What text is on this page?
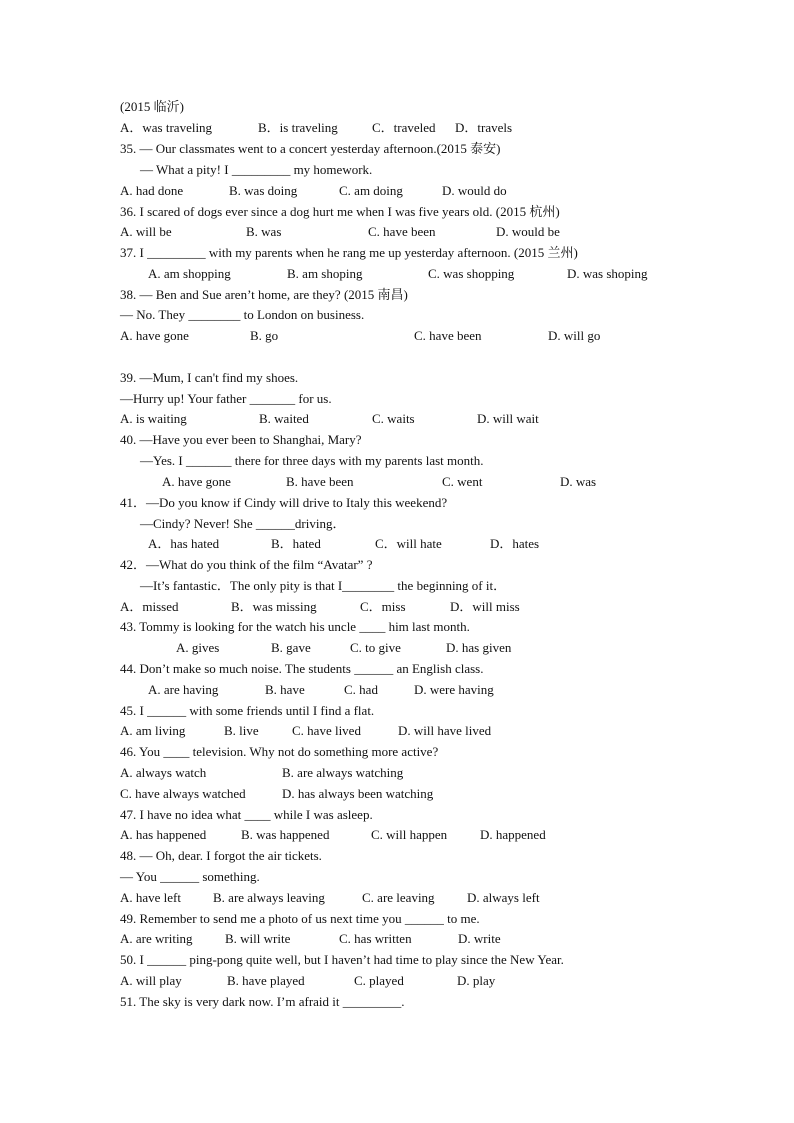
(2015 临沂)
A．was traveling	B．is traveling	C．traveled D．travels
35. — Our classmates went to a concert yesterday afternoon.(2015 泰安)
— What a pity! I _________ my homework.
A. had done	B. was doing	C. am doing	D. would do
36. I scared of dogs ever since a dog hurt me when I was five years old. (2015 杭州)
A. will be	B. was	C. have been	D. would be
37. I _________ with my parents when he rang me up yesterday afternoon. (2015 兰州)
A. am shopping	B. am shoping	C. was shopping	D. was shoping
38. — Ben and Sue aren’t home, are they? (2015 南昌)
— No. They ________ to London on business.
A. have gone	B. go	C. have been	D. will go
39. —Mum, I can't find my shoes.
—Hurry up! Your father _______ for us.
A. is waiting	B. waited	C. waits	D. will wait
40. —Have you ever been to Shanghai, Mary?
—Yes. I _______ there for three days with my parents last month.
A. have gone	B. have been	C. went	D. was
41．—Do you know if Cindy will drive to Italy this weekend?
—Cindy? Never! She ______driving．
A．has hated	B．hated	C．will hate	D．hates
42．—What do you think of the film “Avatar” ?
—It’s fantastic．The only pity is that I________ the beginning of it．
A．missed	B．was missing	C．miss	D．will miss
43. Tommy is looking for the watch his uncle ____ him last month.
A. gives	B. gave	C. to give	D. has given
44. Don’t make so much noise. The students ______ an English class.
A. are having	B. have	C. had	D. were having
45. I ______ with some friends until I find a flat.
A. am living	B. live	C. have lived	D. will have lived
46. You ____ television. Why not do something more active?
A. always watch	B. are always watching
C. have always watched	D. has always been watching
47. I have no idea what ____ while I was asleep.
A. has happened	B. was happened	C. will happen	D. happened
48. — Oh, dear. I forgot the air tickets.
— You ______ something.
A. have left B. are always leaving	C. are leaving D. always left
49. Remember to send me a photo of us next time you ______ to me.
A. are writing B. will write	C. has written	D. write
50. I ______ ping-pong quite well, but I haven’t had time to play since the New Year.
A. will play	B. have played	C. played	D. play
51. The sky is very dark now. I’m afraid it _________.
